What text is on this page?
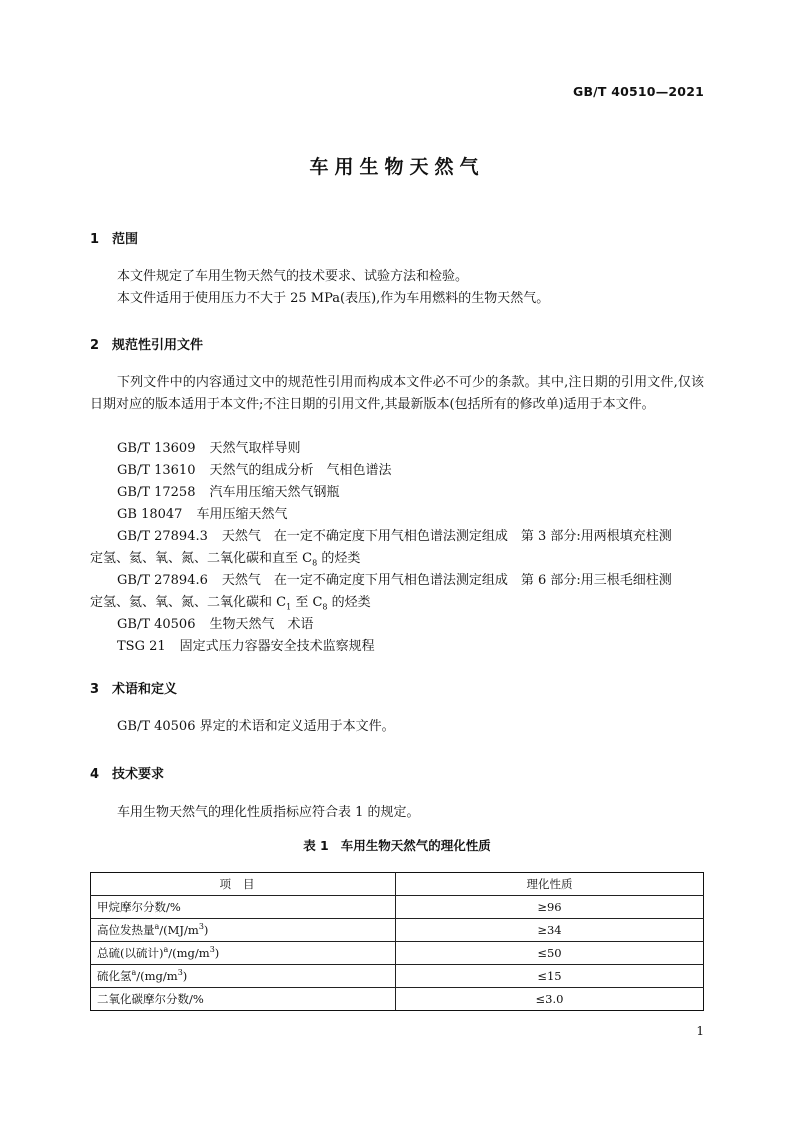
GB/T 40510—2021
车用生物天然气
1 范围
本文件规定了车用生物天然气的技术要求、试验方法和检验。
本文件适用于使用压力不大于 25 MPa(表压),作为车用燃料的生物天然气。
2 规范性引用文件
下列文件中的内容通过文中的规范性引用而构成本文件必不可少的条款。其中,注日期的引用文件,仅该日期对应的版本适用于本文件;不注日期的引用文件,其最新版本(包括所有的修改单)适用于本文件。
GB/T 13609 天然气取样导则
GB/T 13610 天然气的组成分析　气相色谱法
GB/T 17258 汽车用压缩天然气钢瓶
GB 18047 车用压缩天然气
GB/T 27894.3 天然气　在一定不确定度下用气相色谱法测定组成　第 3 部分:用两根填充柱测
定氢、氦、氧、氮、二氧化碳和直至 $C_8$ 的烃类
GB/T 27894.6 天然气　在一定不确定度下用气相色谱法测定组成　第 6 部分:用三根毛细柱测
定氢、氦、氧、氮、二氧化碳和 $C_1$ 至 $C_8$ 的烃类
GB/T 40506 生物天然气　术语
TSG 21 固定式压力容器安全技术监察规程
3 术语和定义
GB/T 40506 界定的术语和定义适用于本文件。
4 技术要求
车用生物天然气的理化性质指标应符合表 1 的规定。
表 1 车用生物天然气的理化性质
项目	理化性质
甲烷摩尔分数/%	≥96
高位发热量$^a/(MJ/m^3)$	≥34
总硫(以硫计)$^a/(mg/m^3)$	≤50
硫化氢$^a/(mg/m^3)$	≤15
二氧化碳摩尔分数/%	≤3.0
1
